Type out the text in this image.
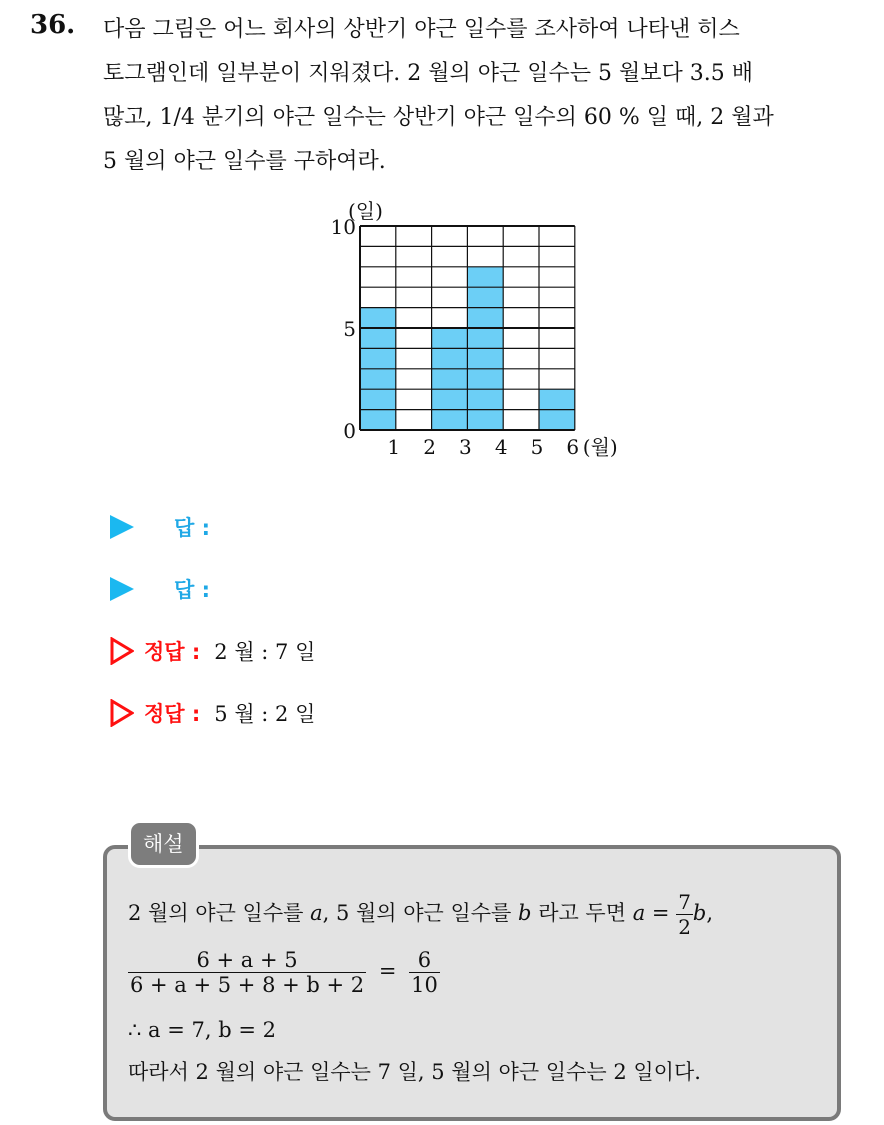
36. 다음 그림은 어느 회사의 상반기 야근 일수를 조사하여 나타낸 히스
토그램인데 일부분이 지워졌다. 2 월의 야근 일수는 5 월보다 3.5 배
많고, 1/4 분기의 야근 일수는 상반기 야근 일수의 60 % 일 때, 2 월과
5 월의 야근 일수를 구하여라.
0
5
10
1 2 3 4 5 6
(일)
(월)
답 :
답 :
정답 : 2 월 : 7 일
정답 : 5 월 : 2 일
해설
2 월의 야근 일수를 a, 5 월의 야근 일수를 b 라고 두면 $a = \frac{7}{2} b$,
$\frac{6 + a + 5}{6 + a + 5 + 8 + b + 2} = \frac{6}{10}$
∴ a = 7, b = 2
따라서 2 월의 야근 일수는 7 일, 5 월의 야근 일수는 2 일이다.
